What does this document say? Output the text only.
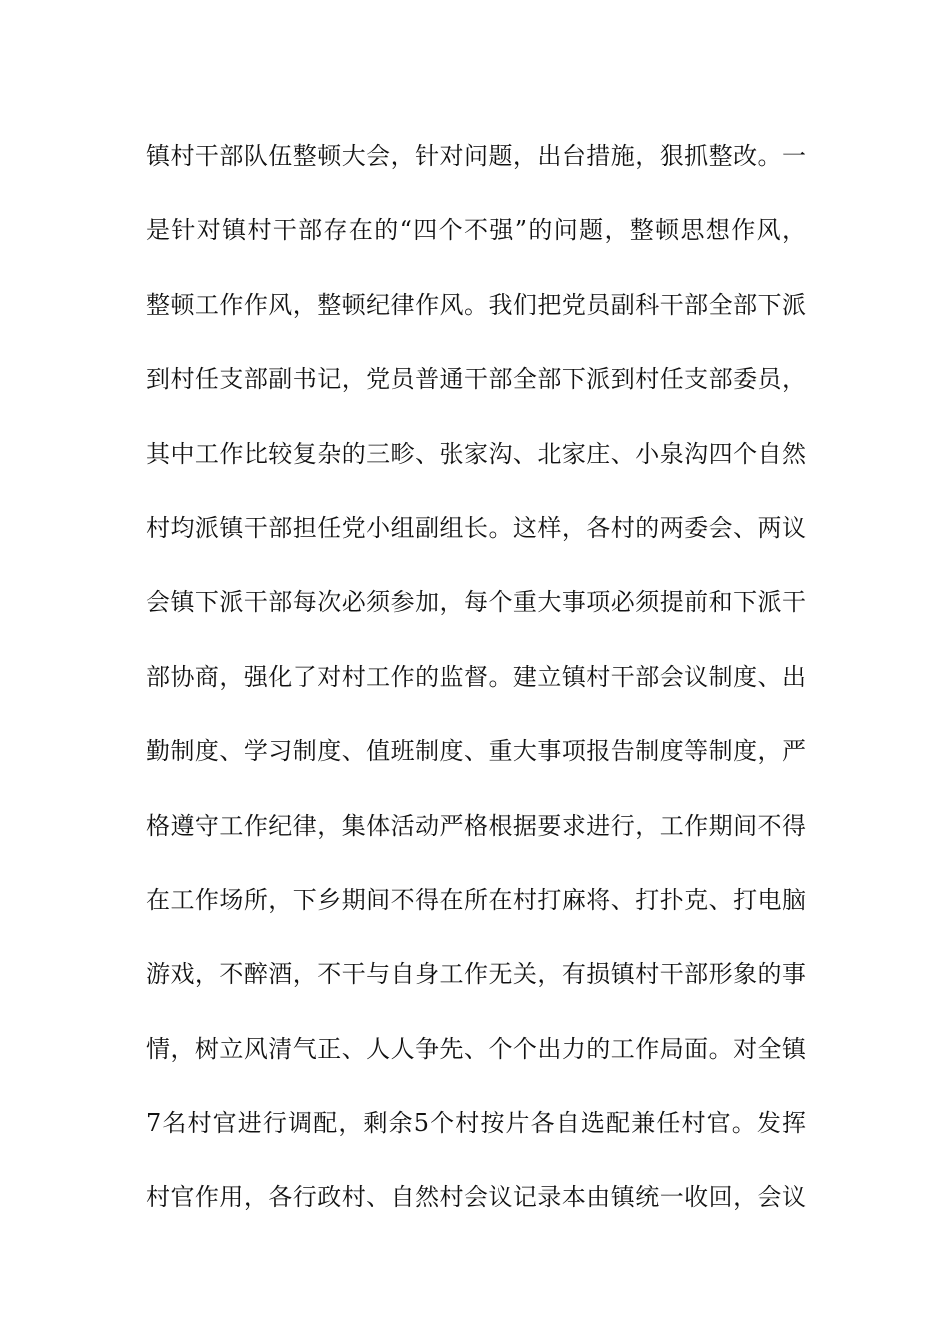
镇村干部队伍整顿大会，针对问题，出台措施，狠抓整改。一
是针对镇村干部存在的“四个不强”的问题，整顿思想作风，
整顿工作作风，整顿纪律作风。我们把党员副科干部全部下派
到村任支部副书记，党员普通干部全部下派到村任支部委员，
其中工作比较复杂的三畛、张家沟、北家庄、小泉沟四个自然
村均派镇干部担任党小组副组长。这样，各村的两委会、两议
会镇下派干部每次必须参加，每个重大事项必须提前和下派干
部协商，强化了对村工作的监督。建立镇村干部会议制度、出
勤制度、学习制度、值班制度、重大事项报告制度等制度，严
格遵守工作纪律，集体活动严格根据要求进行，工作期间不得
在工作场所，下乡期间不得在所在村打麻将、打扑克、打电脑
游戏，不醉酒，不干与自身工作无关，有损镇村干部形象的事
情，树立风清气正、人人争先、个个出力的工作局面。对全镇
7名村官进行调配，剩余5个村按片各自选配兼任村官。发挥
村官作用，各行政村、自然村会议记录本由镇统一收回，会议
